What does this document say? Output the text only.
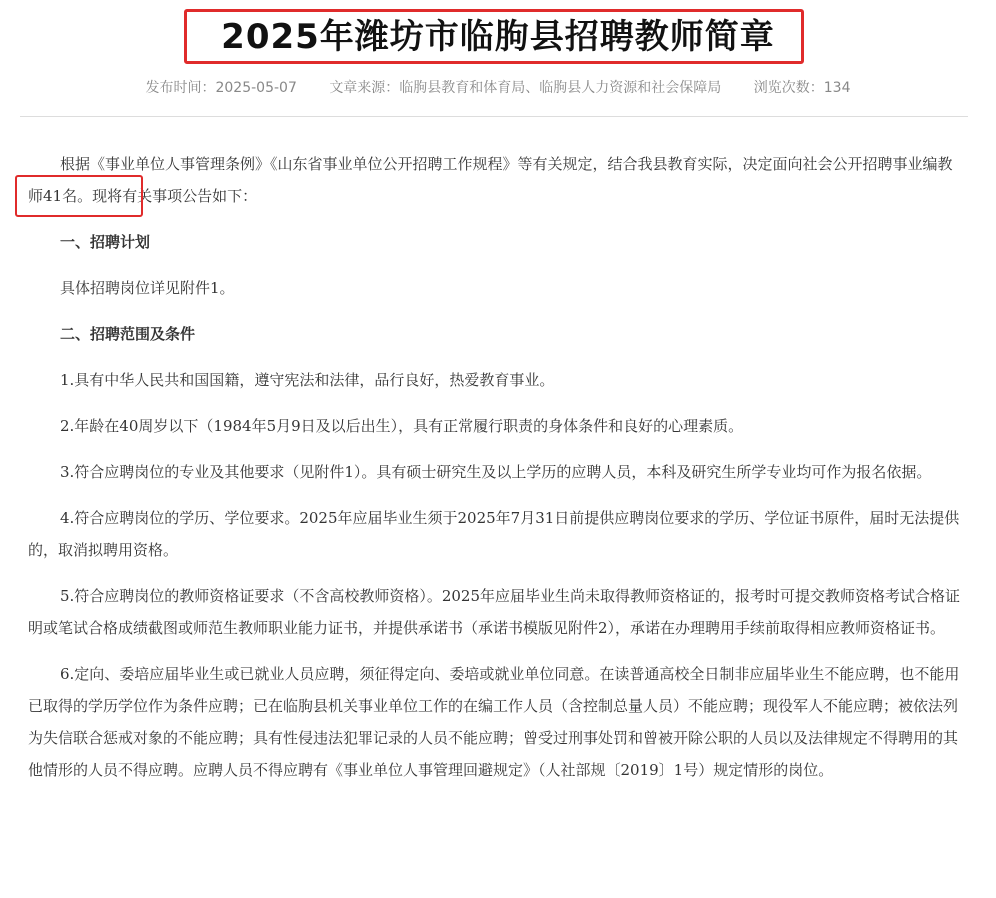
2025年潍坊市临朐县招聘教师简章
发布时间：2025-05-07 文章来源：临朐县教育和体育局、临朐县人力资源和社会保障局 浏览次数：134

根据《事业单位人事管理条例》《山东省事业单位公开招聘工作规程》等有关规定，结合我县教育实际，决定面向社会公开招聘事业编教师41名。现将有关事项公告如下：

一、招聘计划

具体招聘岗位详见附件1。

二、招聘范围及条件

1.具有中华人民共和国国籍，遵守宪法和法律，品行良好，热爱教育事业。

2.年龄在40周岁以下（1984年5月9日及以后出生），具有正常履行职责的身体条件和良好的心理素质。

3.符合应聘岗位的专业及其他要求（见附件1）。具有硕士研究生及以上学历的应聘人员，本科及研究生所学专业均可作为报名依据。

4.符合应聘岗位的学历、学位要求。2025年应届毕业生须于2025年7月31日前提供应聘岗位要求的学历、学位证书原件，届时无法提供的，取消拟聘用资格。

5.符合应聘岗位的教师资格证要求（不含高校教师资格）。2025年应届毕业生尚未取得教师资格证的，报考时可提交教师资格考试合格证明或笔试合格成绩截图或师范生教师职业能力证书，并提供承诺书（承诺书模版见附件2），承诺在办理聘用手续前取得相应教师资格证书。

6.定向、委培应届毕业生或已就业人员应聘，须征得定向、委培或就业单位同意。在读普通高校全日制非应届毕业生不能应聘，也不能用已取得的学历学位作为条件应聘；已在临朐县机关事业单位工作的在编工作人员（含控制总量人员）不能应聘；现役军人不能应聘；被依法列为失信联合惩戒对象的不能应聘；具有性侵违法犯罪记录的人员不能应聘；曾受过刑事处罚和曾被开除公职的人员以及法律规定不得聘用的其他情形的人员不得应聘。应聘人员不得应聘有《事业单位人事管理回避规定》（人社部规〔2019〕1号）规定情形的岗位。
